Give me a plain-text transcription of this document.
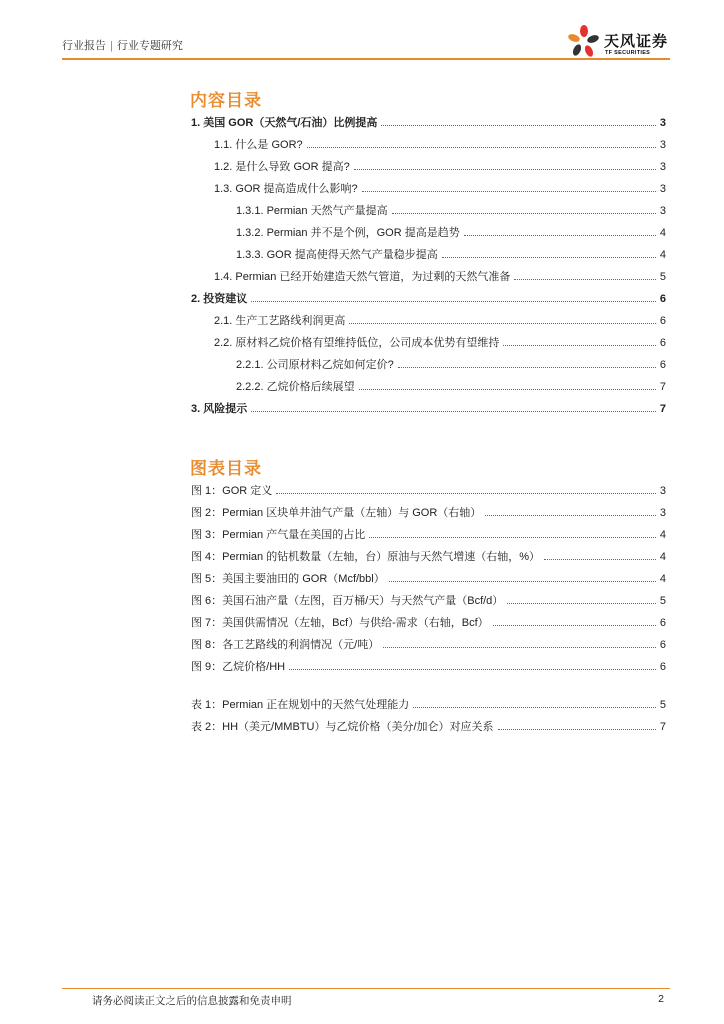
行业报告 | 行业专题研究	天风证券
TF SECURITIES
内容目录
1. 美国 GOR（天然气/石油）比例提高	3
1.1. 什么是 GOR?	3
1.2. 是什么导致 GOR 提高?	3
1.3. GOR 提高造成什么影响?	3
1.3.1. Permian 天然气产量提高	3
1.3.2. Permian 并不是个例，GOR 提高是趋势	4
1.3.3. GOR 提高使得天然气产量稳步提高	4
1.4. Permian 已经开始建造天然气管道，为过剩的天然气准备	5
2. 投资建议	6
2.1. 生产工艺路线利润更高	6
2.2. 原材料乙烷价格有望维持低位，公司成本优势有望维持	6
2.2.1. 公司原材料乙烷如何定价?	6
2.2.2. 乙烷价格后续展望	7
3. 风险提示	7
图表目录
图 1：GOR 定义	3
图 2：Permian 区块单井油气产量（左轴）与 GOR（右轴）	3
图 3：Permian 产气量在美国的占比	4
图 4：Permian 的钻机数量（左轴，台）原油与天然气增速（右轴，%）	4
图 5：美国主要油田的 GOR（Mcf/bbl）	4
图 6：美国石油产量（左图，百万桶/天）与天然气产量（Bcf/d）	5
图 7：美国供需情况（左轴，Bcf）与供给-需求（右轴，Bcf）	6
图 8：各工艺路线的利润情况（元/吨）	6
图 9：乙烷价格/HH	6
表 1：Permian 正在规划中的天然气处理能力	5
表 2：HH（美元/MMBTU）与乙烷价格（美分/加仑）对应关系	7
请务必阅读正文之后的信息披露和免责申明	2
